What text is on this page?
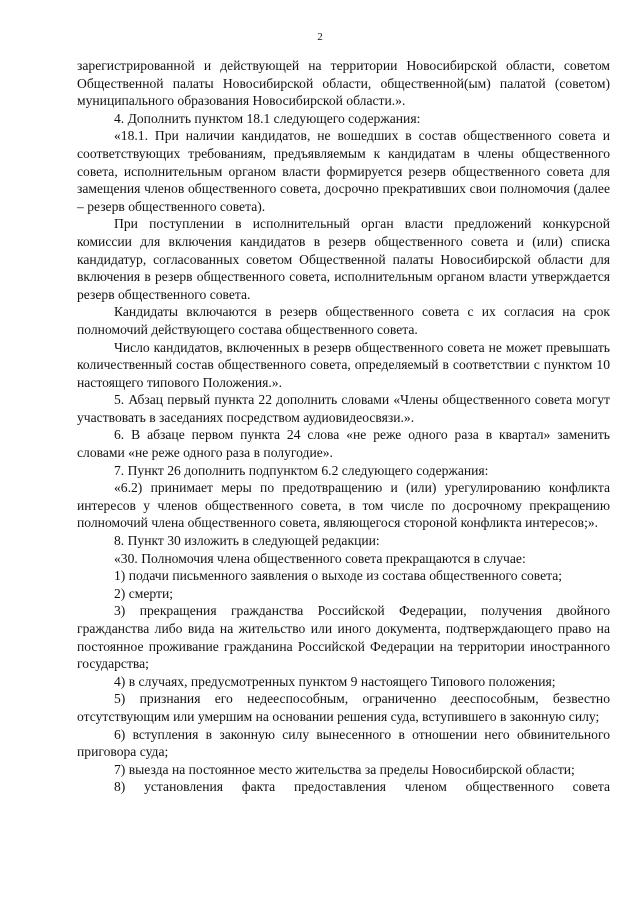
2

зарегистрированной и действующей на территории Новосибирской области, советом Общественной палаты Новосибирской области, общественной(ым) палатой (советом) муниципального образования Новосибирской области.».

4. Дополнить пунктом 18.1 следующего содержания:

«18.1. При наличии кандидатов, не вошедших в состав общественного совета и соответствующих требованиям, предъявляемым к кандидатам в члены общественного совета, исполнительным органом власти формируется резерв общественного совета для замещения членов общественного совета, досрочно прекративших свои полномочия (далее – резерв общественного совета).

При поступлении в исполнительный орган власти предложений конкурсной комиссии для включения кандидатов в резерв общественного совета и (или) списка кандидатур, согласованных советом Общественной палаты Новосибирской области для включения в резерв общественного совета, исполнительным органом власти утверждается резерв общественного совета.

Кандидаты включаются в резерв общественного совета с их согласия на срок полномочий действующего состава общественного совета.

Число кандидатов, включенных в резерв общественного совета не может превышать количественный состав общественного совета, определяемый в соответствии с пунктом 10 настоящего типового Положения.».

5. Абзац первый пункта 22 дополнить словами «Члены общественного совета могут участвовать в заседаниях посредством аудиовидеосвязи.».

6. В абзаце первом пункта 24 слова «не реже одного раза в квартал» заменить словами «не реже одного раза в полугодие».

7. Пункт 26 дополнить подпунктом 6.2 следующего содержания:

«6.2) принимает меры по предотвращению и (или) урегулированию конфликта интересов у членов общественного совета, в том числе по досрочному прекращению полномочий члена общественного совета, являющегося стороной конфликта интересов;».

8. Пункт 30 изложить в следующей редакции:

«30. Полномочия члена общественного совета прекращаются в случае:

1) подачи письменного заявления о выходе из состава общественного совета;

2) смерти;

3) прекращения гражданства Российской Федерации, получения двойного гражданства либо вида на жительство или иного документа, подтверждающего право на постоянное проживание гражданина Российской Федерации на территории иностранного государства;

4) в случаях, предусмотренных пунктом 9 настоящего Типового положения;

5) признания его недееспособным, ограниченно дееспособным, безвестно отсутствующим или умершим на основании решения суда, вступившего в законную силу;

6) вступления в законную силу вынесенного в отношении него обвинительного приговора суда;

7) выезда на постоянное место жительства за пределы Новосибирской области;

8) установления факта предоставления членом общественного совета
